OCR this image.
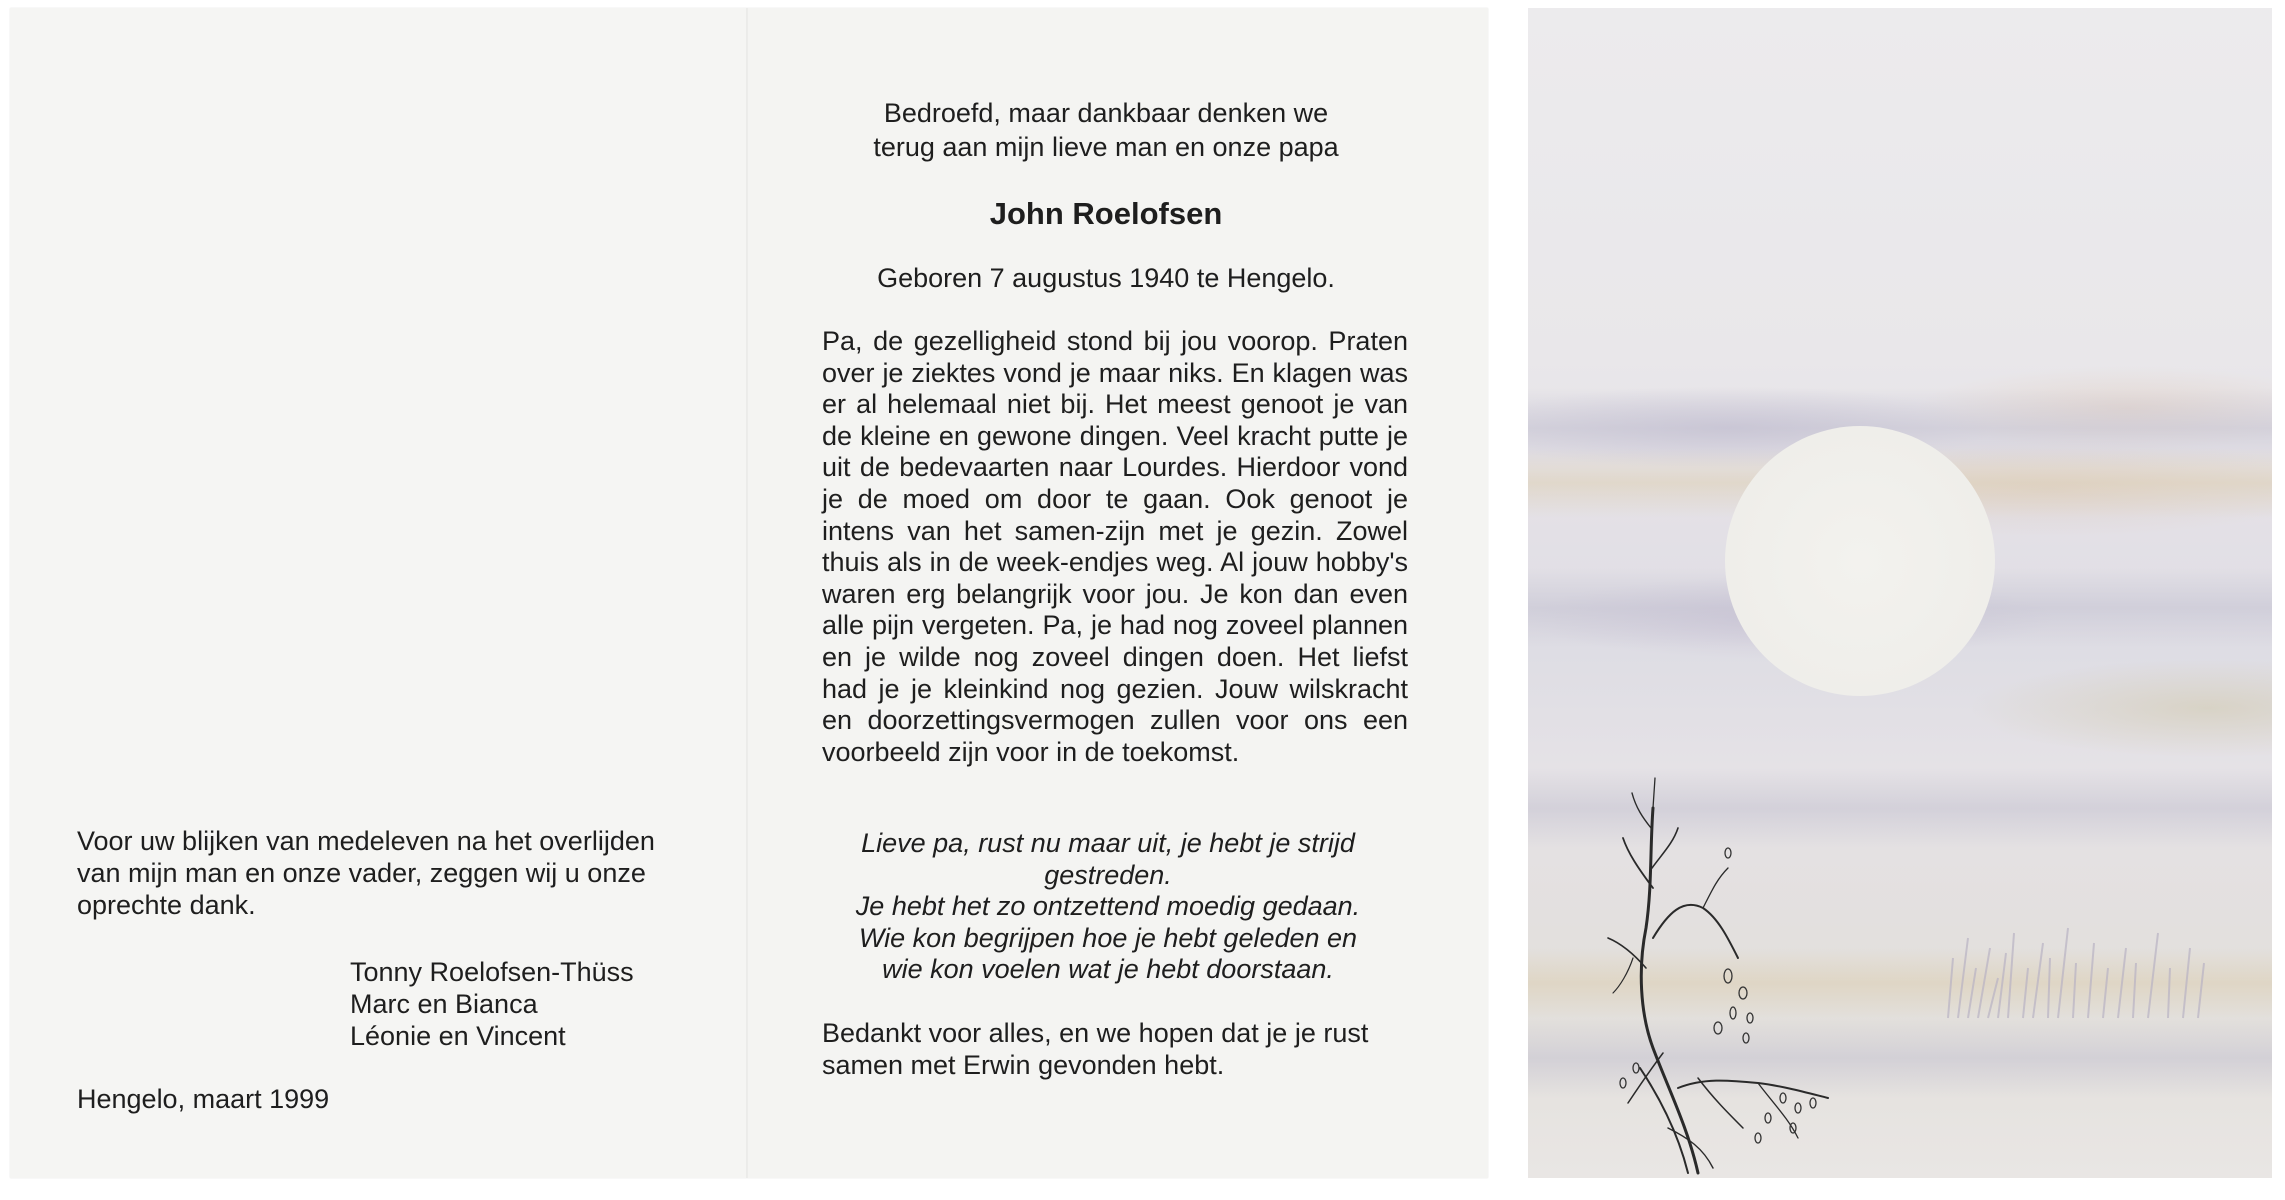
Voor uw blijken van medeleven na het overlijden van mijn man en onze vader, zeggen wij u onze oprechte dank.
Tonny Roelofsen-Thüss
Marc en Bianca
Léonie en Vincent
Hengelo, maart 1999
Bedroefd, maar dankbaar denken we
terug aan mijn lieve man en onze papa
John Roelofsen
Geboren 7 augustus 1940 te Hengelo.

Pa, de gezelligheid stond bij jou voorop. Praten over je ziektes vond je maar niks. En klagen was er al helemaal niet bij. Het meest genoot je van de kleine en gewone dingen. Veel kracht putte je uit de bedevaarten naar Lourdes. Hierdoor vond je de moed om door te gaan. Ook genoot je intens van het samen-zijn met je gezin. Zowel thuis als in de week-endjes weg. Al jouw hobby's waren erg belangrijk voor jou. Je kon dan even alle pijn vergeten. Pa, je had nog zoveel plannen en je wilde nog zoveel dingen doen. Het liefst had je je kleinkind nog gezien. Jouw wilskracht en doorzettingsvermogen zullen voor ons een voorbeeld zijn voor in de toekomst.

Lieve pa, rust nu maar uit, je hebt je strijd
gestreden.
Je hebt het zo ontzettend moedig gedaan.
Wie kon begrijpen hoe je hebt geleden en
wie kon voelen wat je hebt doorstaan.
Bedankt voor alles, en we hopen dat je je rust samen met Erwin gevonden hebt.
